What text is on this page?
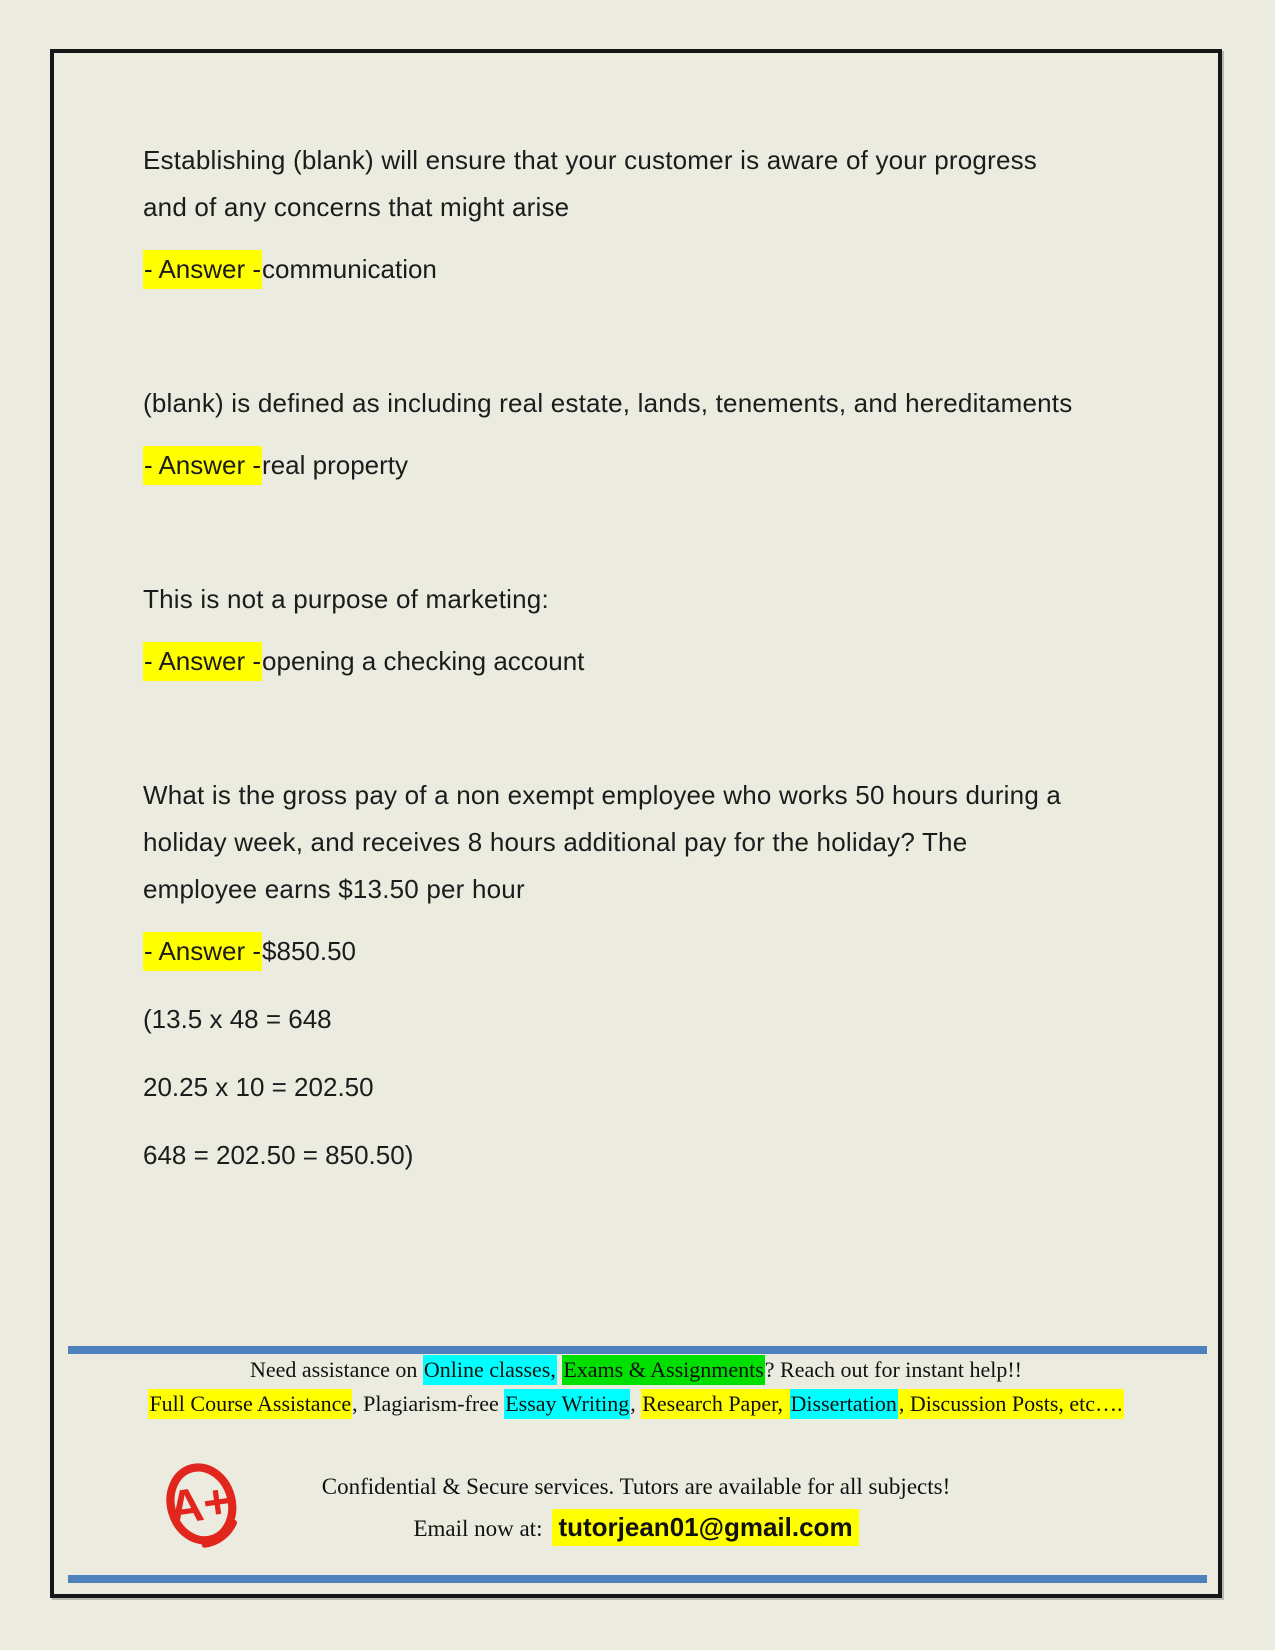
Establishing (blank) will ensure that your customer is aware of your progress and of any concerns that might arise

- Answer -communication

(blank) is defined as including real estate, lands, tenements, and hereditaments

- Answer -real property

This is not a purpose of marketing:

- Answer -opening a checking account

What is the gross pay of a non exempt employee who works 50 hours during a holiday week, and receives 8 hours additional pay for the holiday? The employee earns $13.50 per hour

- Answer -$850.50

(13.5 x 48 = 648

20.25 x 10 = 202.50

648 = 202.50 = 850.50)

Need assistance on Online classes, Exams & Assignments? Reach out for instant help!!
Full Course Assistance, Plagiarism-free Essay Writing, Research Paper, Dissertation, Discussion Posts, etc….
A+	Confidential & Secure services. Tutors are available for all subjects!
Email now at: tutorjean01@gmail.com
